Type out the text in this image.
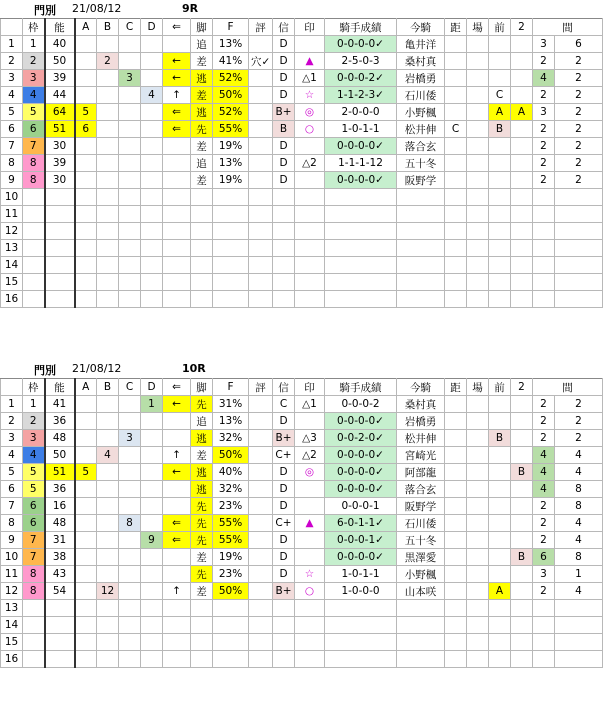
門別 21/08/12	9R
	枠	能	A	B	C	D	⇐	脚	F	評	信	印	騎手成績	今騎	距	場	前	2	間	
1	1	40						追	13%		D		0-0-0-0✓	亀井洋					3	6
2	2	50		2			←	差	41%	穴✓	D	▲	2-5-0-3	桑村真					2	2
3	3	39			3		←	逃	52%		D	△1	0-0-0-2✓	岩橋勇					4	2
4	4	44				4	↑	差	50%		D	☆	1-1-2-3✓	石川倭			C		2	2
5	5	64	5				⇐	逃	52%		B+	◎	2-0-0-0	小野楓			A	A	3	2
6	6	51	6				⇐	先	55%		B	○	1-0-1-1	松井伸	C		B		2	2
7	7	30						差	19%		D		0-0-0-0✓	落合玄					2	2
8	8	39						追	13%		D	△2	1-1-1-12	五十冬					2	2
9	8	30						差	19%		D		0-0-0-0✓	阪野学					2	2
10																				
11																				
12																				
13																				
14																				
15																				
16																				
門別 21/08/12	10R
	枠	能	A	B	C	D	⇐	脚	F	評	信	印	騎手成績	今騎	距	場	前	2	間	
1	1	41				1	←	先	31%		C	△1	0-0-0-2	桑村真					2	2
2	2	36						追	13%		D		0-0-0-0✓	岩橋勇					2	2
3	3	48			3			逃	32%		B+	△3	0-0-2-0✓	松井伸			B		2	2
4	4	50		4			↑	差	50%		C+	△2	0-0-0-0✓	宮崎光					4	4
5	5	51	5				←	逃	40%		D	◎	0-0-0-0✓	阿部龍				B	4	4
6	5	36						逃	32%		D		0-0-0-0✓	落合玄					4	8
7	6	16						先	23%		D		0-0-0-1	阪野学					2	8
8	6	48			8		⇐	先	55%		C+	▲	6-0-1-1✓	石川倭					2	4
9	7	31				9	⇐	先	55%		D		0-0-0-1✓	五十冬					2	4
10	7	38						差	19%		D		0-0-0-0✓	黒澤愛				B	6	8
11	8	43						先	23%		D	☆	1-0-1-1	小野楓					3	1
12	8	54		12			↑	差	50%		B+	○	1-0-0-0	山本咲			A		2	4
13																				
14																				
15																				
16																				
